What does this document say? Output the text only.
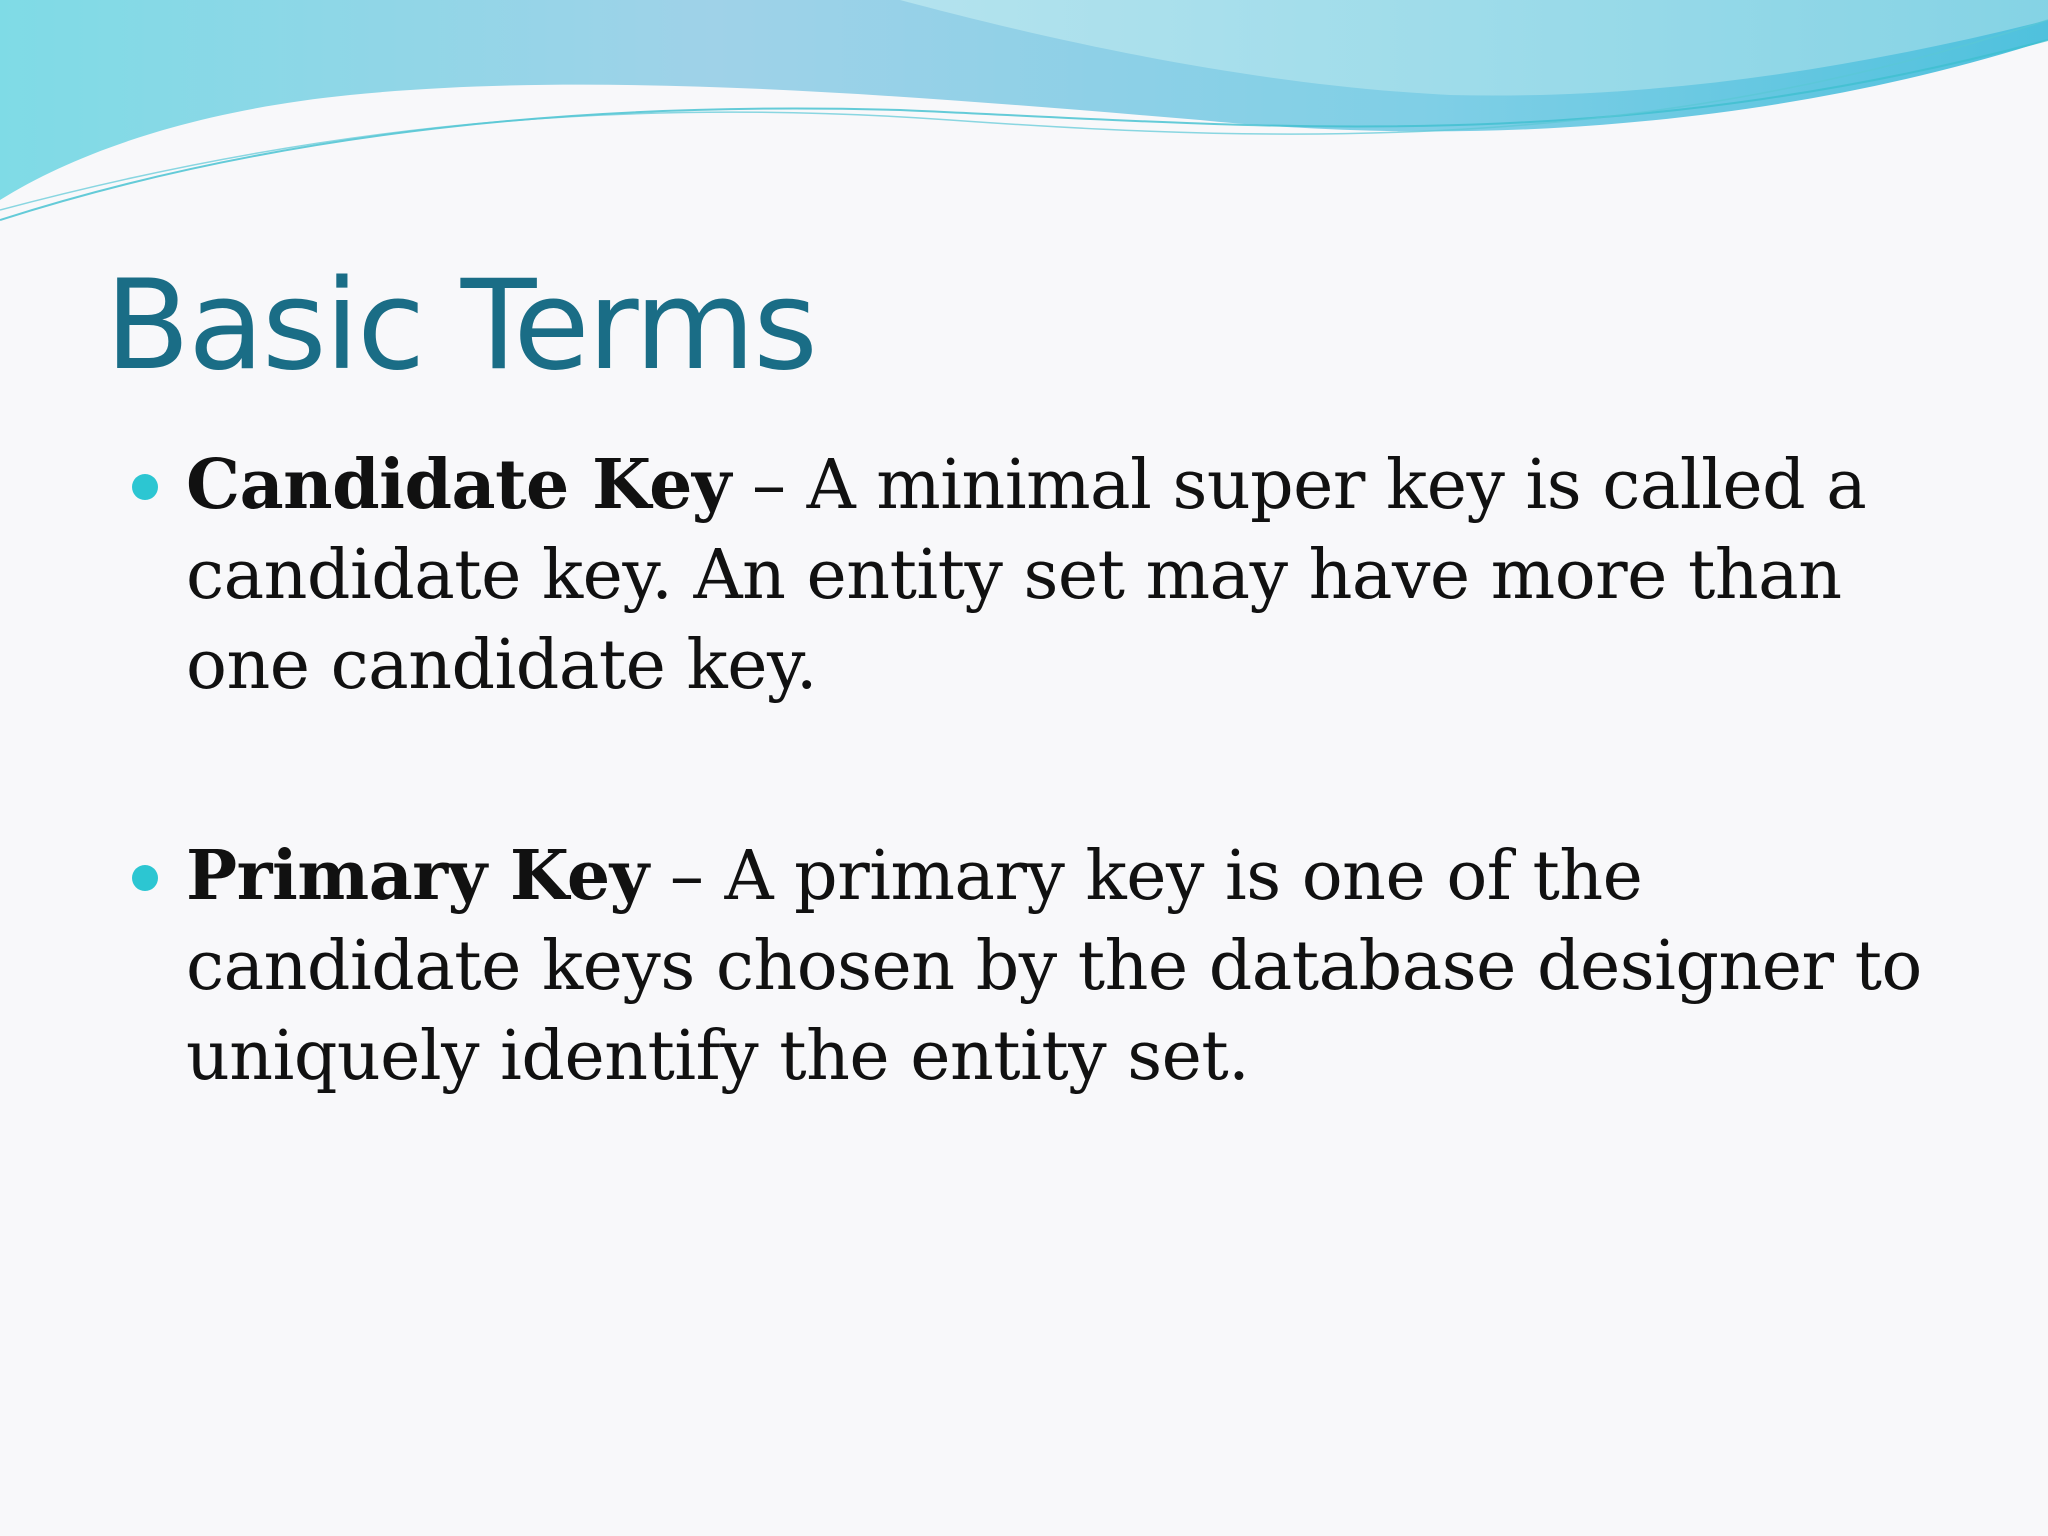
Basic Terms
Candidate Key – A minimal super key is called a candidate key. An entity set may have more than one candidate key.
Primary Key – A primary key is one of the candidate keys chosen by the database designer to uniquely identify the entity set.
